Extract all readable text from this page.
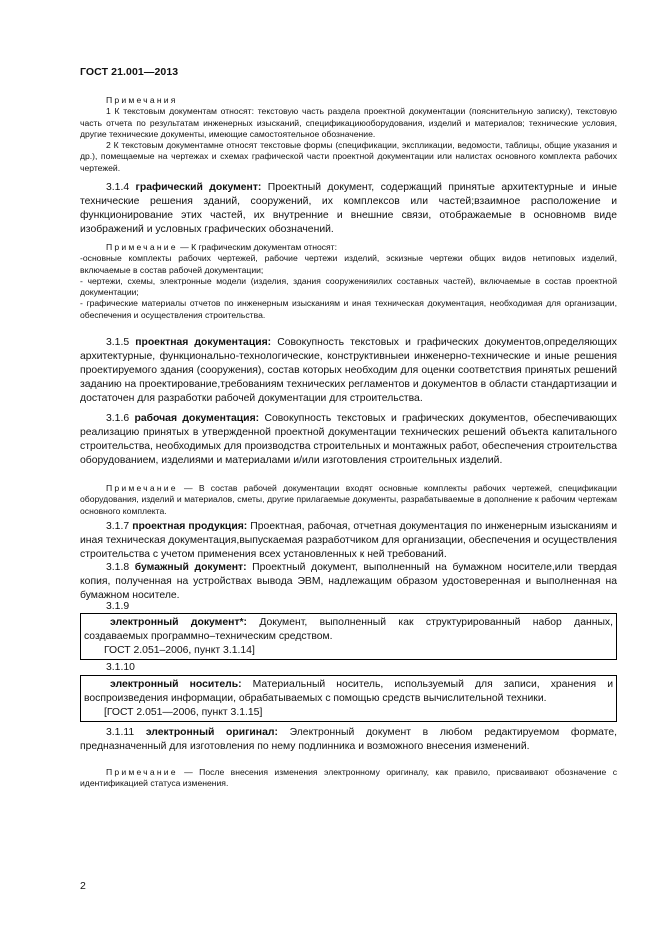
ГОСТ 21.001—2013

Примечания

1 К текстовым документам относят: текстовую часть раздела проектной документации (пояснительную записку), текстовую часть отчета по результатам инженерных изысканий, спецификациюоборудования, изделий и материалов; технические условия, другие технические документы, имеющие самостоятельное обозначение.

2 К текстовым документамне относят текстовые формы (спецификации, экспликации, ведомости, таблицы, общие указания и др.), помещаемые на чертежах и схемах графической части проектной документации или налистах основного комплекта рабочих чертежей.

3.1.4 графический документ: Проектный документ, содержащий принятые архитектурные и иные технические решения зданий, сооружений, их комплексов или частей;взаимное расположение и функционирование этих частей, их внутренние и внешние связи, отображаемые в основномв виде изображений и условных графических обозначений.

Примечание — К графическим документам относят:

-основные комплекты рабочих чертежей, рабочие чертежи изделий, эскизные чертежи общих видов нетиповых изделий, включаемые в состав рабочей документации;

- чертежи, схемы, электронные модели (изделия, здания сооруженияилих составных частей), включаемые в состав проектной документации;

- графические материалы отчетов по инженерным изысканиям и иная техническая документация, необходимая для организации, обеспечения и осуществления строительства.

3.1.5 проектная документация: Совокупность текстовых и графических документов,определяющих архитектурные, функционально-технологические, конструктивныеи инженерно-технические и иные решения проектируемого здания (сооружения), состав которых необходим для оценки соответствия принятых решений заданию на проектирование,требованиям технических регламентов и документов в области стандартизации и достаточен для разработки рабочей документации для строительства.

3.1.6 рабочая документация: Совокупность текстовых и графических документов, обеспечивающих реализацию принятых в утвержденной проектной документации технических решений объекта капитального строительства, необходимых для производства строительных и монтажных работ, обеспечения строительства оборудованием, изделиями и материалами и/или изготовления строительных изделий.

Примечание — В состав рабочей документации входят основные комплекты рабочих чертежей, спецификации оборудования, изделий и материалов, сметы, другие прилагаемые документы, разрабатываемые в дополнение к рабочим чертежам основного комплекта.

3.1.7 проектная продукция: Проектная, рабочая, отчетная документация по инженерным изысканиям и иная техническая документация,выпускаемая разработчиком для организации, обеспечения и осуществления строительства с учетом применения всех установленных к ней требований.

3.1.8 бумажный документ: Проектный документ, выполненный на бумажном носителе,или твердая копия, полученная на устройствах вывода ЭВМ, надлежащим образом удостоверенная и выполненная на бумажном носителе.

3.1.9

электронный документ*: Документ, выполненный как структурированный набор данных, создаваемых программно–техническим средством.

ГОСТ 2.051–2006, пункт 3.1.14]

3.1.10

электронный носитель: Материальный носитель, используемый для записи, хранения и воспроизведения информации, обрабатываемых с помощью средств вычислительной техники.

[ГОСТ 2.051—2006, пункт 3.1.15]

3.1.11 электронный оригинал: Электронный документ в любом редактируемом формате, предназначенный для изготовления по нему подлинника и возможного внесения изменений.

Примечание — После внесения изменения электронному оригиналу, как правило, присваивают обозначение с идентификацией статуса изменения.

2
